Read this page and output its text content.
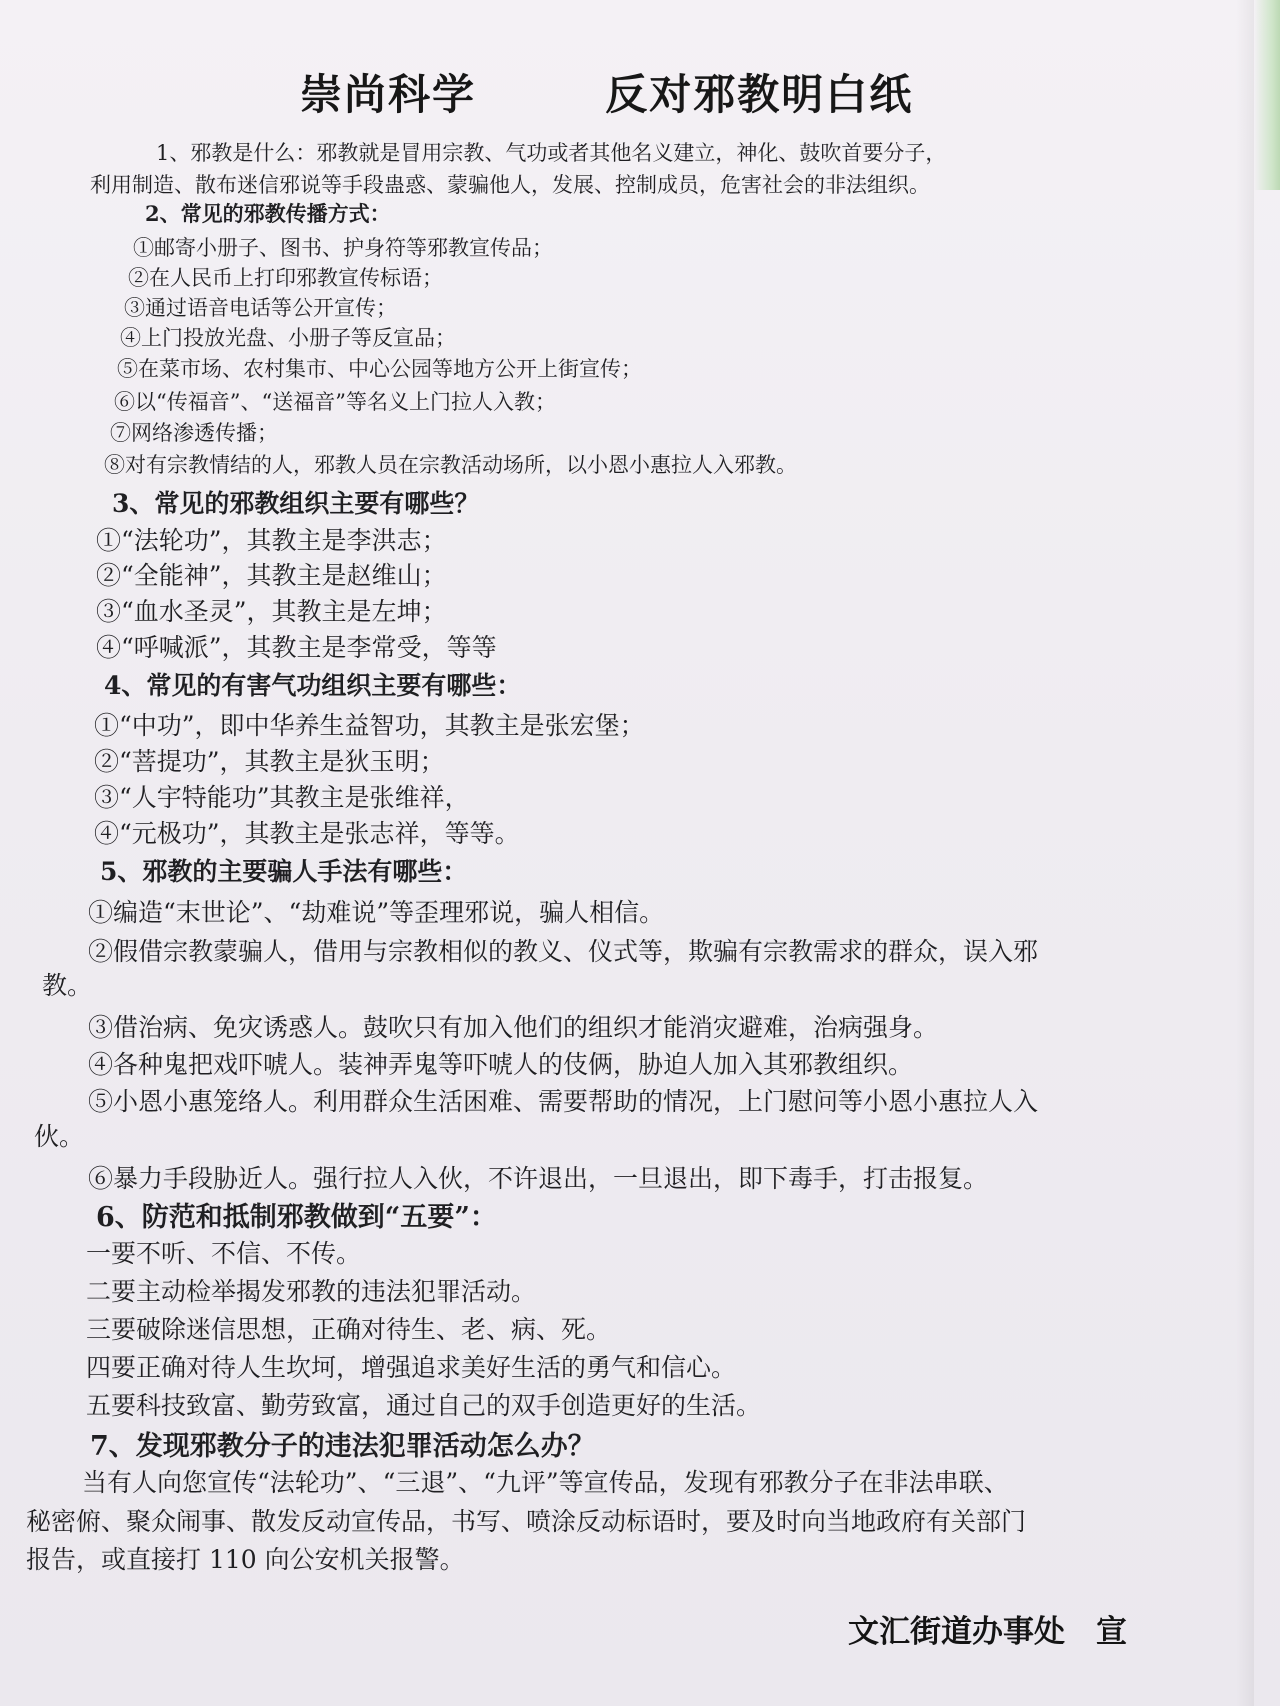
崇尚科学	反对邪教明白纸
1、邪教是什么：邪教就是冒用宗教、气功或者其他名义建立，神化、鼓吹首要分子，
利用制造、散布迷信邪说等手段蛊惑、蒙骗他人，发展、控制成员，危害社会的非法组织。
2、常见的邪教传播方式：
①邮寄小册子、图书、护身符等邪教宣传品；
②在人民币上打印邪教宣传标语；
③通过语音电话等公开宣传；
④上门投放光盘、小册子等反宣品；
⑤在菜市场、农村集市、中心公园等地方公开上街宣传；
⑥以“传福音”、“送福音”等名义上门拉人入教；
⑦网络渗透传播；
⑧对有宗教情结的人，邪教人员在宗教活动场所，以小恩小惠拉人入邪教。
3、常见的邪教组织主要有哪些？
①“法轮功”，其教主是李洪志；
②“全能神”，其教主是赵维山；
③“血水圣灵”，其教主是左坤；
④“呼喊派”，其教主是李常受，等等
4、常见的有害气功组织主要有哪些：
①“中功”，即中华养生益智功，其教主是张宏堡；
②“菩提功”，其教主是狄玉明；
③“人宇特能功”其教主是张维祥，
④“元极功”，其教主是张志祥，等等。
5、邪教的主要骗人手法有哪些：
①编造“末世论”、“劫难说”等歪理邪说，骗人相信。
②假借宗教蒙骗人，借用与宗教相似的教义、仪式等，欺骗有宗教需求的群众，误入邪
教。
③借治病、免灾诱惑人。鼓吹只有加入他们的组织才能消灾避难，治病强身。
④各种鬼把戏吓唬人。装神弄鬼等吓唬人的伎俩，胁迫人加入其邪教组织。
⑤小恩小惠笼络人。利用群众生活困难、需要帮助的情况，上门慰问等小恩小惠拉人入
伙。
⑥暴力手段胁近人。强行拉人入伙，不许退出，一旦退出，即下毒手，打击报复。
6、防范和抵制邪教做到“五要”：
一要不听、不信、不传。
二要主动检举揭发邪教的违法犯罪活动。
三要破除迷信思想，正确对待生、老、病、死。
四要正确对待人生坎坷，增强追求美好生活的勇气和信心。
五要科技致富、勤劳致富，通过自己的双手创造更好的生活。
7、发现邪教分子的违法犯罪活动怎么办？
当有人向您宣传“法轮功”、“三退”、“九评”等宣传品，发现有邪教分子在非法串联、
秘密俯、聚众闹事、散发反动宣传品，书写、喷涂反动标语时，要及时向当地政府有关部门
报告，或直接打 110 向公安机关报警。
文汇街道办事处　宣
